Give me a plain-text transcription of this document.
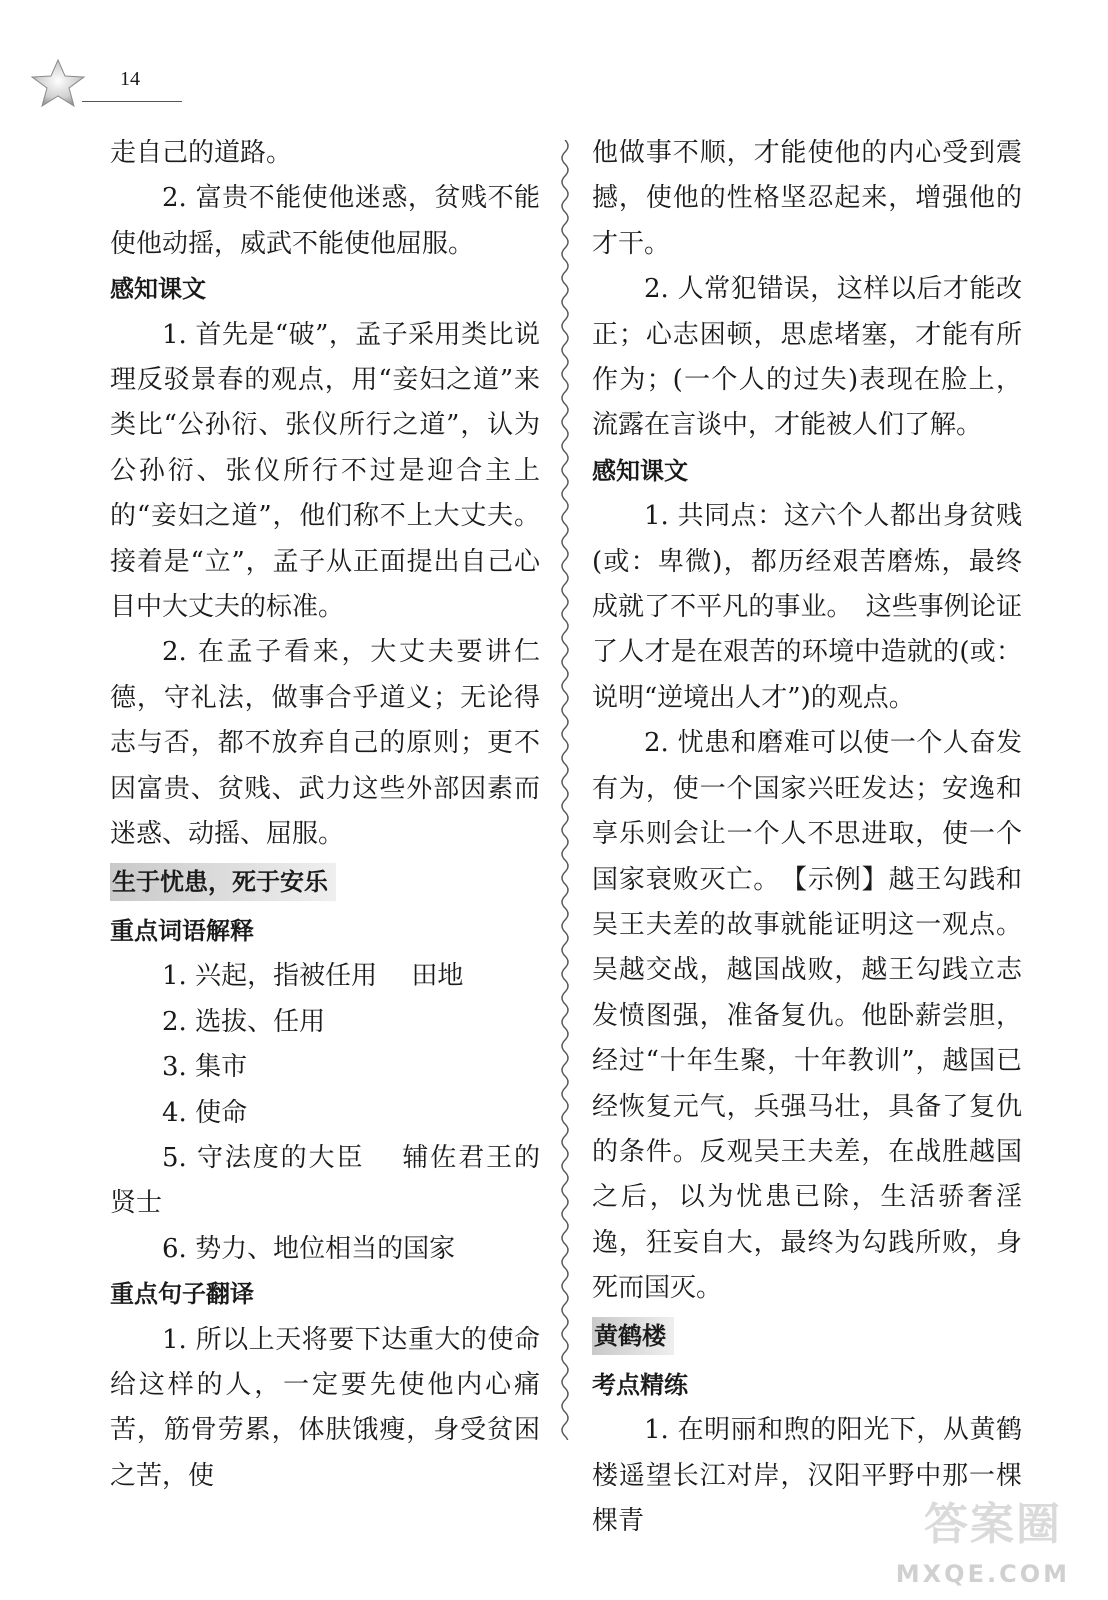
14

走自己的道路。

2. 富贵不能使他迷惑，贫贱不能使他动摇，威武不能使他屈服。

感知课文

1. 首先是“破”，孟子采用类比说理反驳景春的观点，用“妾妇之道”来类比“公孙衍、张仪所行之道”，认为公孙衍、张仪所行不过是迎合主上的“妾妇之道”，他们称不上大丈夫。接着是“立”，孟子从正面提出自己心目中大丈夫的标准。

2. 在孟子看来，大丈夫要讲仁德，守礼法，做事合乎道义；无论得志与否，都不放弃自己的原则；更不因富贵、贫贱、武力这些外部因素而迷惑、动摇、屈服。

生于忧患，死于安乐

重点词语解释

1. 兴起，指被任用　 田地

2. 选拔、任用

3. 集市

4. 使命

5. 守法度的大臣　 辅佐君王的贤士

6. 势力、地位相当的国家

重点句子翻译

1. 所以上天将要下达重大的使命给这样的人，一定要先使他内心痛苦，筋骨劳累，体肤饿瘦，身受贫困之苦，使

他做事不顺，才能使他的内心受到震撼，使他的性格坚忍起来，增强他的才干。

2. 人常犯错误，这样以后才能改正；心志困顿，思虑堵塞，才能有所作为；(一个人的过失)表现在脸上，流露在言谈中，才能被人们了解。

感知课文

1. 共同点：这六个人都出身贫贱(或：卑微)，都历经艰苦磨炼，最终成就了不平凡的事业。　这些事例论证了人才是在艰苦的环境中造就的(或：说明“逆境出人才”)的观点。

2. 忧患和磨难可以使一个人奋发有为，使一个国家兴旺发达；安逸和享乐则会让一个人不思进取，使一个国家衰败灭亡。　【示例】越王勾践和吴王夫差的故事就能证明这一观点。吴越交战，越国战败，越王勾践立志发愤图强，准备复仇。他卧薪尝胆，经过“十年生聚，十年教训”，越国已经恢复元气，兵强马壮，具备了复仇的条件。反观吴王夫差，在战胜越国之后，以为忧患已除，生活骄奢淫逸，狂妄自大，最终为勾践所败，身死而国灭。

黄鹤楼

考点精练

1. 在明丽和煦的阳光下，从黄鹤楼遥望长江对岸，汉阳平野中那一棵棵青	答案圈
MXQE.COM
